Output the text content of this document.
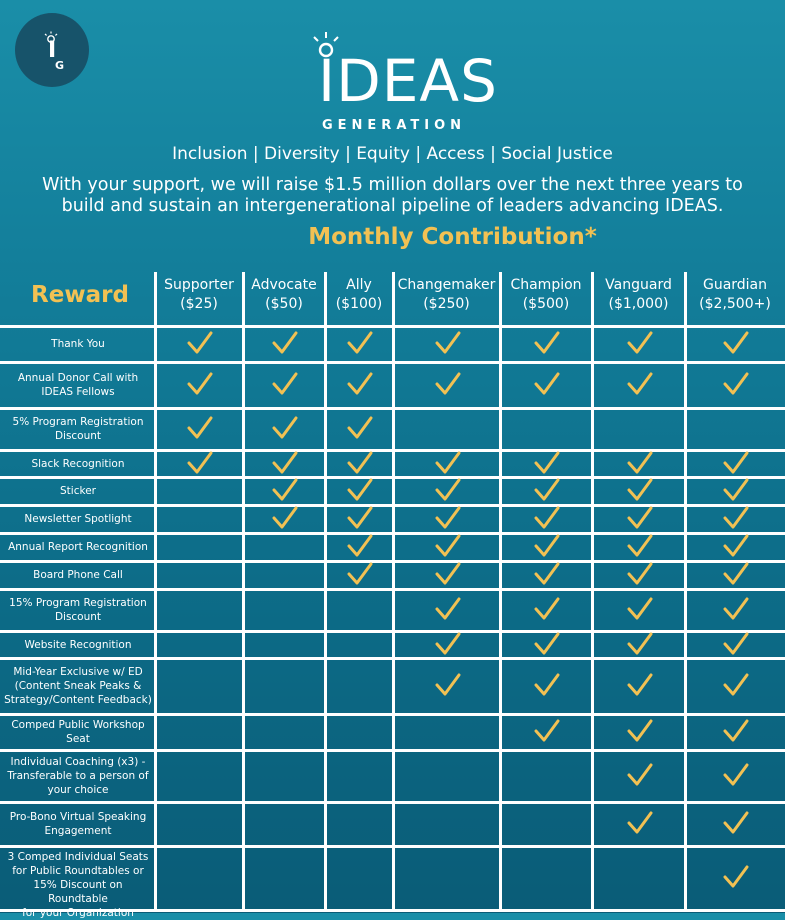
I
G	IDEAS
GENERATION
Inclusion | Diversity | Equity | Access | Social Justice
With your support, we will raise $1.5 million dollars over the next three years to
build and sustain an intergenerational pipeline of leaders advancing IDEAS.
Monthly Contribution*
Reward	Supporter
($25)
Advocate
($50)
Ally
($100)
Changemaker
($250)
Champion
($500)
Vanguard
($1,000)
Guardian
($2,500+)
Thank You
Annual Donor Call with
IDEAS Fellows
5% Program Registration
Discount
Slack Recognition
Sticker
Newsletter Spotlight
Annual Report Recognition
Board Phone Call
15% Program Registration
Discount
Website Recognition
Mid-Year Exclusive w/ ED
(Content Sneak Peaks &
Strategy/Content Feedback)
Comped Public Workshop
Seat
Individual Coaching (x3) -
Transferable to a person of
your choice
Pro-Bono Virtual Speaking
Engagement
3 Comped Individual Seats
for Public Roundtables or
15% Discount on Roundtable
for your Organization
